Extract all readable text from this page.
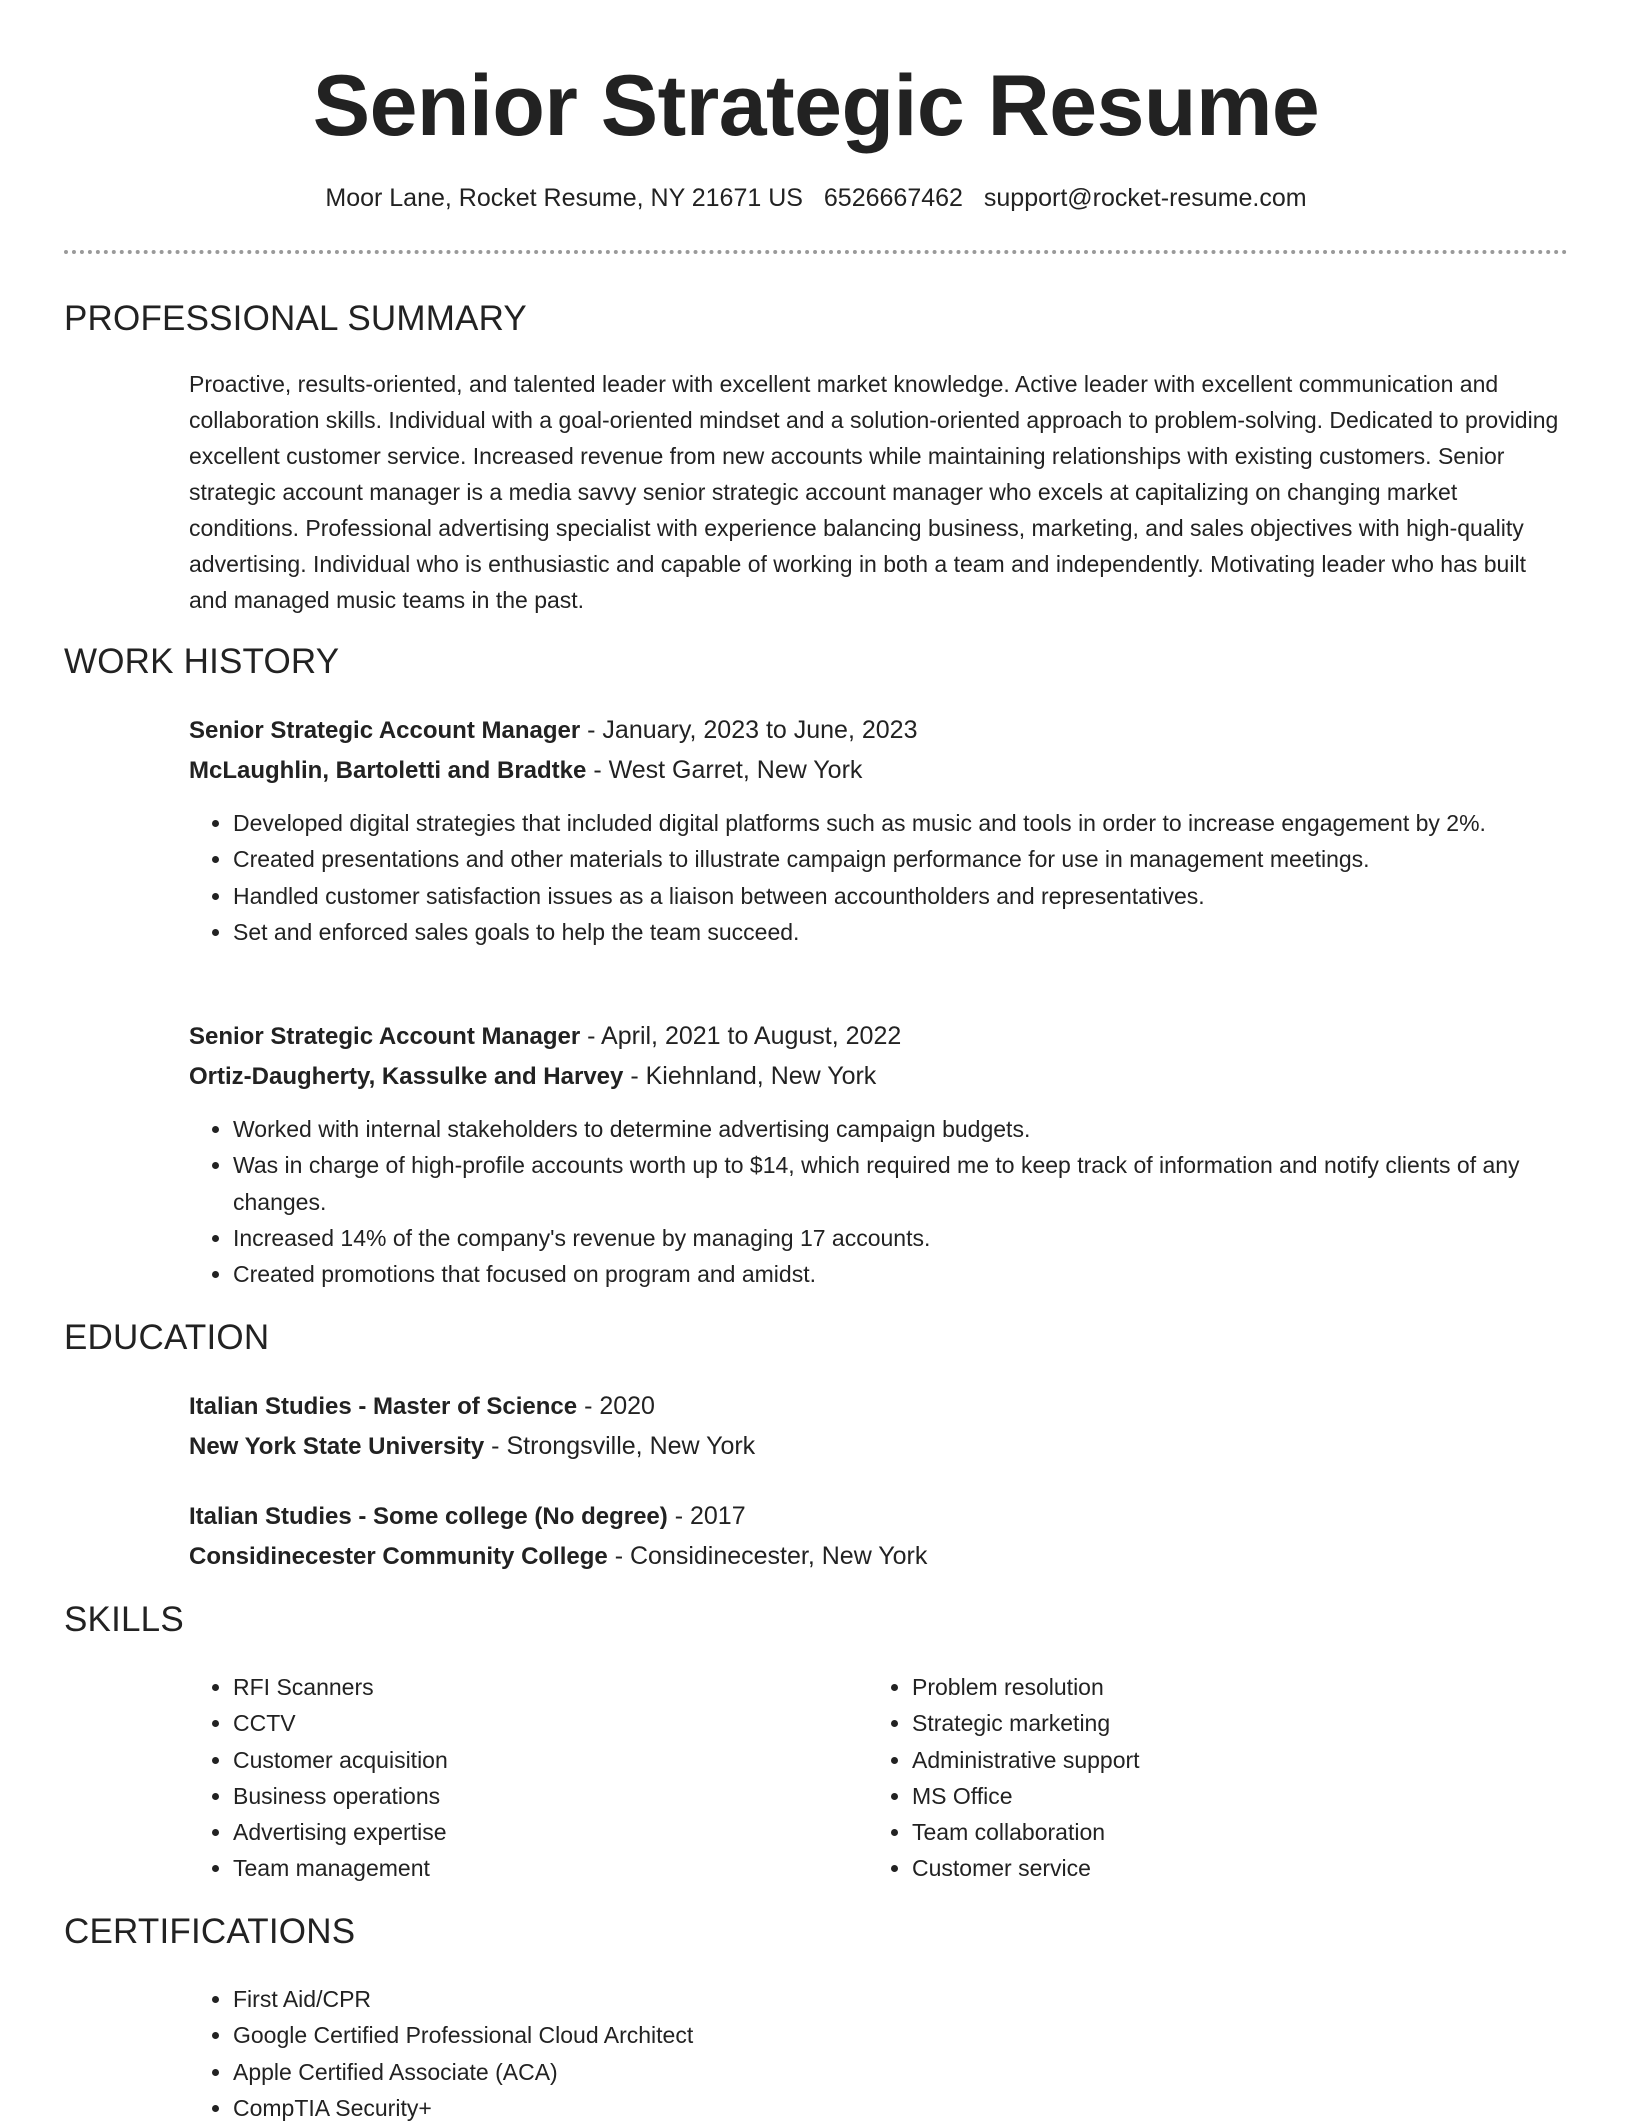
Senior Strategic Resume
Moor Lane, Rocket Resume, NY 21671 US 6526667462 support@rocket-resume.com
PROFESSIONAL SUMMARY
Proactive, results-oriented, and talented leader with excellent market knowledge. Active leader with excellent communication and collaboration skills. Individual with a goal-oriented mindset and a solution-oriented approach to problem-solving. Dedicated to providing excellent customer service. Increased revenue from new accounts while maintaining relationships with existing customers. Senior strategic account manager is a media savvy senior strategic account manager who excels at capitalizing on changing market conditions. Professional advertising specialist with experience balancing business, marketing, and sales objectives with high-quality advertising. Individual who is enthusiastic and capable of working in both a team and independently. Motivating leader who has built and managed music teams in the past.
WORK HISTORY
Senior Strategic Account Manager - January, 2023 to June, 2023
McLaughlin, Bartoletti and Bradtke - West Garret, New York
• Developed digital strategies that included digital platforms such as music and tools in order to increase engagement by 2%.
• Created presentations and other materials to illustrate campaign performance for use in management meetings.
• Handled customer satisfaction issues as a liaison between accountholders and representatives.
• Set and enforced sales goals to help the team succeed.
Senior Strategic Account Manager - April, 2021 to August, 2022
Ortiz-Daugherty, Kassulke and Harvey - Kiehnland, New York
• Worked with internal stakeholders to determine advertising campaign budgets.
• Was in charge of high-profile accounts worth up to $14, which required me to keep track of information and notify clients of any changes.
• Increased 14% of the company's revenue by managing 17 accounts.
• Created promotions that focused on program and amidst.
EDUCATION
Italian Studies - Master of Science - 2020
New York State University - Strongsville, New York
Italian Studies - Some college (No degree) - 2017
Considinecester Community College - Considinecester, New York
SKILLS
• RFI Scanners
• CCTV
• Customer acquisition
• Business operations
• Advertising expertise
• Team management
• Problem resolution
• Strategic marketing
• Administrative support
• MS Office
• Team collaboration
• Customer service
CERTIFICATIONS
• First Aid/CPR
• Google Certified Professional Cloud Architect
• Apple Certified Associate (ACA)
• CompTIA Security+
